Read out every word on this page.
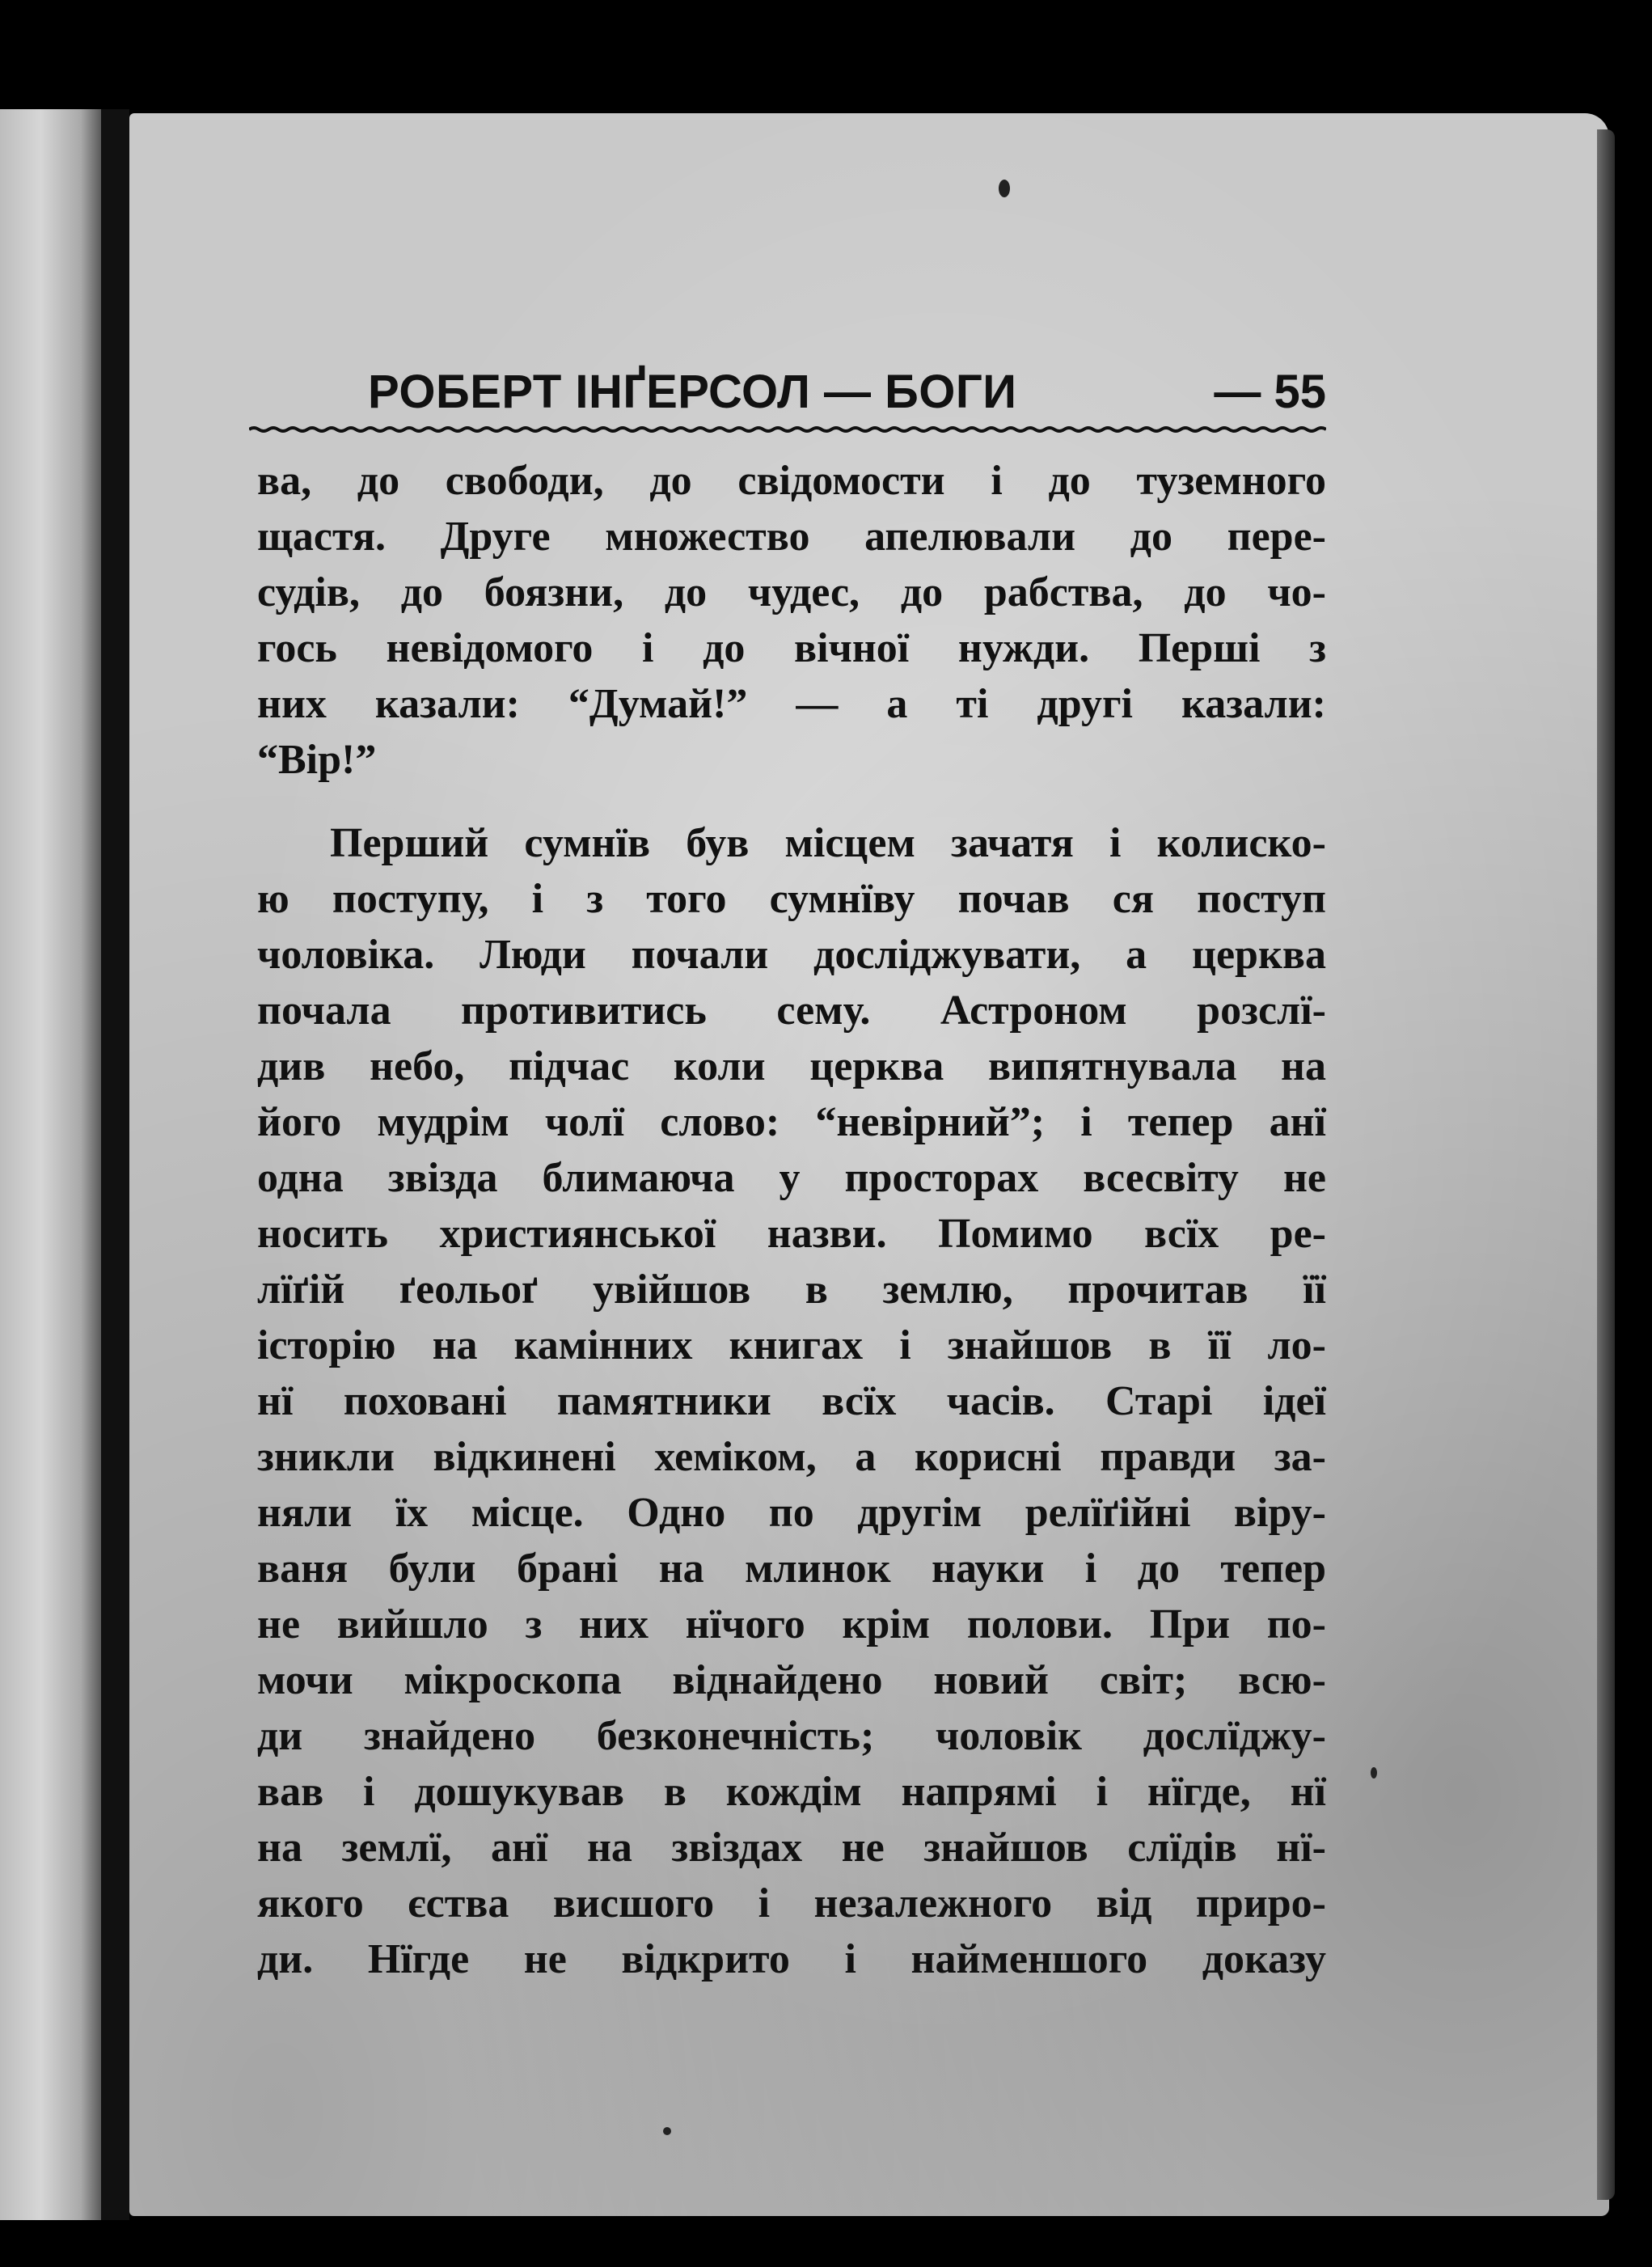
РОБЕРТ ІНҐЕРСОЛ — БОГИ	— 55
ва, до свободи, до свідомости і до туземного
щастя. Друге множество апелювали до пере-
судів, до боязни, до чудес, до рабства, до чо-
гось невідомого і до вічної нужди. Перші з
них казали: “Думай!” — а ті другі казали:
“Вір!”
Перший сумнїв був місцем зачатя і колиско-
ю поступу, і з того сумнїву почав ся поступ
чоловіка. Люди почали досліджувати, а церква
почала противитись сему. Астроном розслї-
див небо, підчас коли церква випятнувала на
його мудрім чолї слово: “невірний”; і тепер анї
одна звізда блимаюча у просторах всесвіту не
носить християнської назви. Помимо всїх ре-
лїґій ґеольоґ увійшов в землю, прочитав її
історію на камінних книгах і знайшов в її ло-
нї поховані памятники всїх часів. Старі ідеї
зникли відкинені хеміком, а корисні правди за-
няли їх місце. Одно по другім релїґійні віру-
ваня були брані на млинок науки і до тепер
не вийшло з них нїчого крім полови. При по-
мочи мікроскопа віднайдено новий світ; всю-
ди знайдено безконечність; чоловік дослїджу-
вав і дошукував в кождім напрямі і нїгде, нї
на землї, анї на звіздах не знайшов слїдів нї-
якого єства висшого і незалежного від приро-
ди. Нїгде не відкрито і найменшого доказу
